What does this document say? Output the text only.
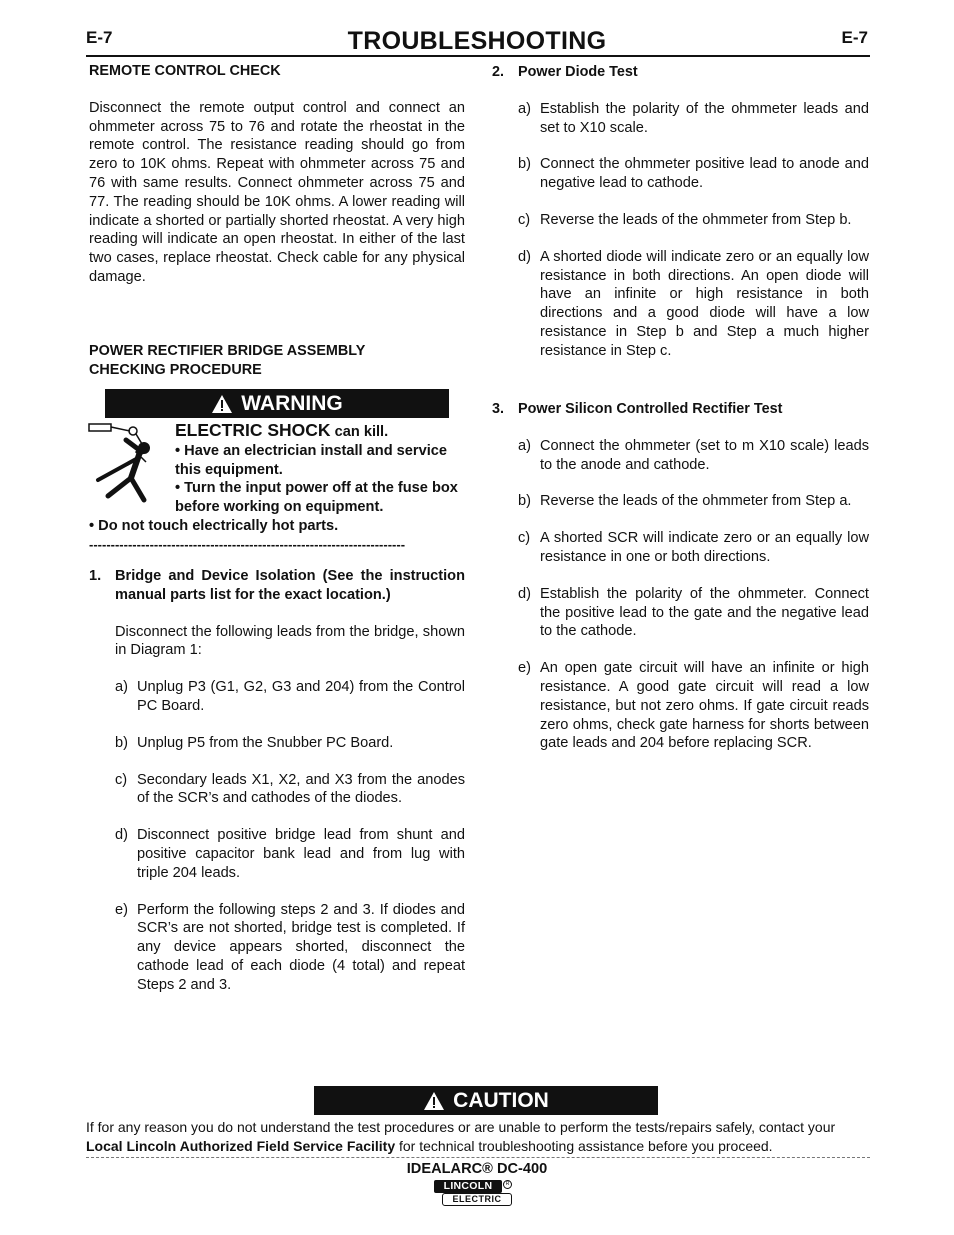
E-7	E-7
TROUBLESHOOTING

REMOTE CONTROL CHECK

Disconnect the remote output control and connect an ohmmeter across 75 to 76 and rotate the rheostat in the remote control. The resistance reading should go from zero to 10K ohms. Repeat with ohmmeter across 75 and 76 with same results. Connect ohmmeter across 75 and 77. The reading should be 10K ohms. A lower reading will indicate a shorted or partially shorted rheostat. A very high reading will indicate an open rheostat. In either of the last two cases, replace rheostat. Check cable for any physical damage.

POWER RECTIFIER BRIDGE ASSEMBLY

CHECKING PROCEDURE

WARNING

ELECTRIC SHOCK can kill.

• Have an electrician install and service this equipment.

• Turn the input power off at the fuse box before working on equipment.

• Do not touch electrically hot parts.
-------------------------------------------------------------------------
1. Bridge and Device Isolation (See the instruction manual parts list for the exact location.)

Disconnect the following leads from the bridge, shown in Diagram 1:

a) Unplug P3 (G1, G2, G3 and 204) from the Control PC Board.
b) Unplug P5 from the Snubber PC Board.
c) Secondary leads X1, X2, and X3 from the anodes of the SCR’s and cathodes of the diodes.
d) Disconnect positive bridge lead from shunt and positive capacitor bank lead and from lug with triple 204 leads.
e) Perform the following steps 2 and 3. If diodes and SCR’s are not shorted, bridge test is completed. If any device appears shorted, disconnect the cathode lead of each diode (4 total) and repeat Steps 2 and 3.
2. Power Diode Test
a) Establish the polarity of the ohmmeter leads and set to X10 scale.
b) Connect the ohmmeter positive lead to anode and negative lead to cathode.
c) Reverse the leads of the ohmmeter from Step b.
d) A shorted diode will indicate zero or an equally low resistance in both directions. An open diode will have an infinite or high resistance in both directions and a good diode will have a low resistance in Step b and Step a much higher resistance in Step c.
3. Power Silicon Controlled Rectifier Test
a) Connect the ohmmeter (set to m X10 scale) leads to the anode and cathode.
b) Reverse the leads of the ohmmeter from Step a.
c) A shorted SCR will indicate zero or an equally low resistance in one or both directions.
d) Establish the polarity of the ohmmeter. Connect the positive lead to the gate and the negative lead to the cathode.
e) An open gate circuit will have an infinite or high resistance. A good gate circuit will read a low resistance, but not zero ohms. If gate circuit reads zero ohms, check gate harness for shorts between gate leads and 204 before replacing SCR.
CAUTION

If for any reason you do not understand the test procedures or are unable to perform the tests/repairs safely, contact your

Local Lincoln Authorized Field Service Facility for technical troubleshooting assistance before you proceed.

IDEALARC® DC-400
LINCOLN	R
ELECTRIC
